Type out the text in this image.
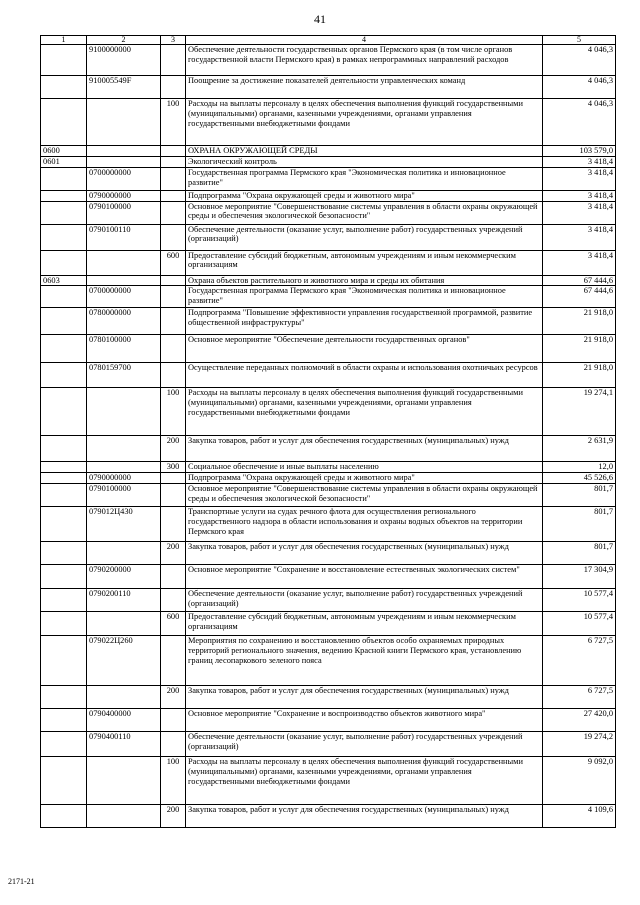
41
1	2	3	4	5
	9100000000		Обеспечение деятельности государственных органов Пермского края (в том числе органов государственной власти Пермского края) в рамках непрограммных направлений расходов	4 046,3
	910005549F		Поощрение за достижение показателей деятельности управленческих команд	4 046,3
		100	Расходы на выплаты персоналу в целях обеспечения выполнения функций государственными (муниципальными) органами, казенными учреждениями, органами управления государственными внебюджетными фондами	4 046,3
0600			ОХРАНА ОКРУЖАЮЩЕЙ СРЕДЫ	103 579,0
0601			Экологический контроль	3 418,4
	0700000000		Государственная программа Пермского края "Экономическая политика и инновационное развитие"	3 418,4
	0790000000		Подпрограмма "Охрана окружающей среды и животного мира"	3 418,4
	0790100000		Основное мероприятие "Совершенствование системы управления в области охраны окружающей среды и обеспечения экологической безопасности"	3 418,4
	0790100110		Обеспечение деятельности (оказание услуг, выполнение работ) государственных учреждений (организаций)	3 418,4
		600	Предоставление субсидий бюджетным, автономным учреждениям и иным некоммерческим организациям	3 418,4
0603			Охрана объектов растительного и животного мира и среды их обитания	67 444,6
	0700000000		Государственная программа Пермского края "Экономическая политика и инновационное развитие"	67 444,6
	0780000000		Подпрограмма "Повышение эффективности управления государственной программой, развитие общественной инфраструктуры"	21 918,0
	0780100000		Основное мероприятие "Обеспечение деятельности государственных органов"	21 918,0
	0780159700		Осуществление переданных полномочий в области охраны и использования охотничьих ресурсов	21 918,0
		100	Расходы на выплаты персоналу в целях обеспечения выполнения функций государственными (муниципальными) органами, казенными учреждениями, органами управления государственными внебюджетными фондами	19 274,1
		200	Закупка товаров, работ и услуг для обеспечения государственных (муниципальных) нужд	2 631,9
		300	Социальное обеспечение и иные выплаты населению	12,0
	0790000000		Подпрограмма "Охрана окружающей среды и животного мира"	45 526,6
	0790100000		Основное мероприятие "Совершенствование системы управления в области охраны окружающей среды и обеспечения экологической безопасности"	801,7
	079012Ц430		Транспортные услуги на судах речного флота для осуществления регионального государственного надзора в области использования и охраны водных объектов на территории Пермского края	801,7
		200	Закупка товаров, работ и услуг для обеспечения государственных (муниципальных) нужд	801,7
	0790200000		Основное мероприятие "Сохранение и восстановление естественных экологических систем"	17 304,9
	0790200110		Обеспечение деятельности (оказание услуг, выполнение работ) государственных учреждений (организаций)	10 577,4
		600	Предоставление субсидий бюджетным, автономным учреждениям и иным некоммерческим организациям	10 577,4
	079022Ц260		Мероприятия по сохранению и восстановлению объектов особо охраняемых природных территорий регионального значения, ведению Красной книги Пермского края, установлению границ лесопаркового зеленого пояса	6 727,5
		200	Закупка товаров, работ и услуг для обеспечения государственных (муниципальных) нужд	6 727,5
	0790400000		Основное мероприятие "Сохранение и воспроизводство объектов животного мира"	27 420,0
	0790400110		Обеспечение деятельности (оказание услуг, выполнение работ) государственных учреждений (организаций)	19 274,2
		100	Расходы на выплаты персоналу в целях обеспечения выполнения функций государственными (муниципальными) органами, казенными учреждениями, органами управления государственными внебюджетными фондами	9 092,0
		200	Закупка товаров, работ и услуг для обеспечения государственных (муниципальных) нужд	4 109,6
2171-21
